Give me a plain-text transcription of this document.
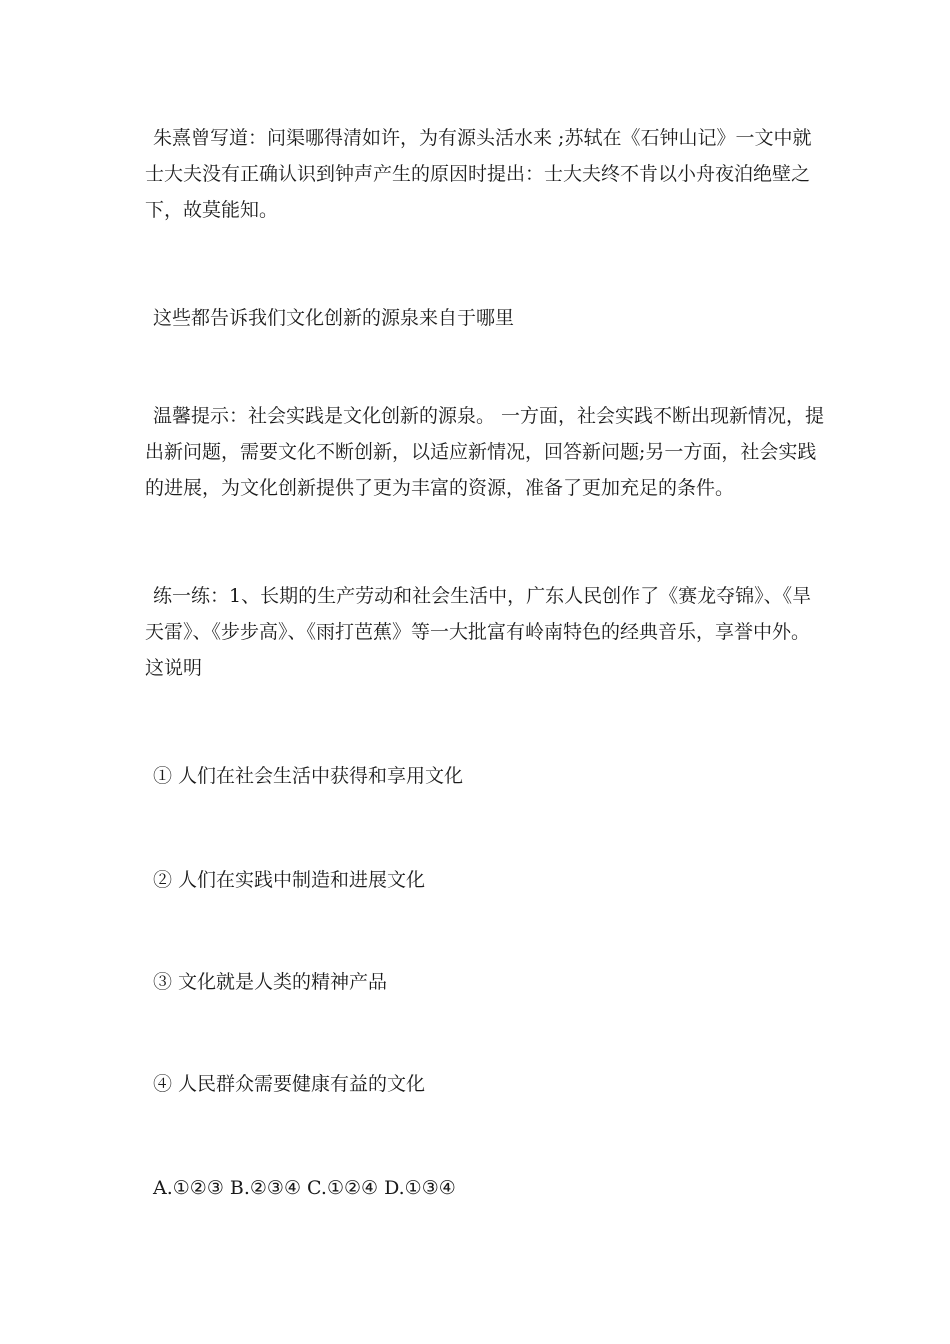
朱熹曾写道：问渠哪得清如许，为有源头活水来 ;苏轼在《石钟山记》一文中就士大夫没有正确认识到钟声产生的原因时提出：士大夫终不肯以小舟夜泊绝壁之下，故莫能知。

这些都告诉我们文化创新的源泉来自于哪里

温馨提示：社会实践是文化创新的源泉。 一方面，社会实践不断出现新情况，提出新问题，需要文化不断创新，以适应新情况，回答新问题;另一方面，社会实践的进展，为文化创新提供了更为丰富的资源，准备了更加充足的条件。

练一练：1、长期的生产劳动和社会生活中，广东人民创作了《赛龙夺锦》、《旱天雷》、《步步高》、《雨打芭蕉》等一大批富有岭南特色的经典音乐，享誉中外。这说明

① 人们在社会生活中获得和享用文化

② 人们在实践中制造和进展文化

③ 文化就是人类的精神产品

④ 人民群众需要健康有益的文化

A.①②③ B.②③④ C.①②④ D.①③④
